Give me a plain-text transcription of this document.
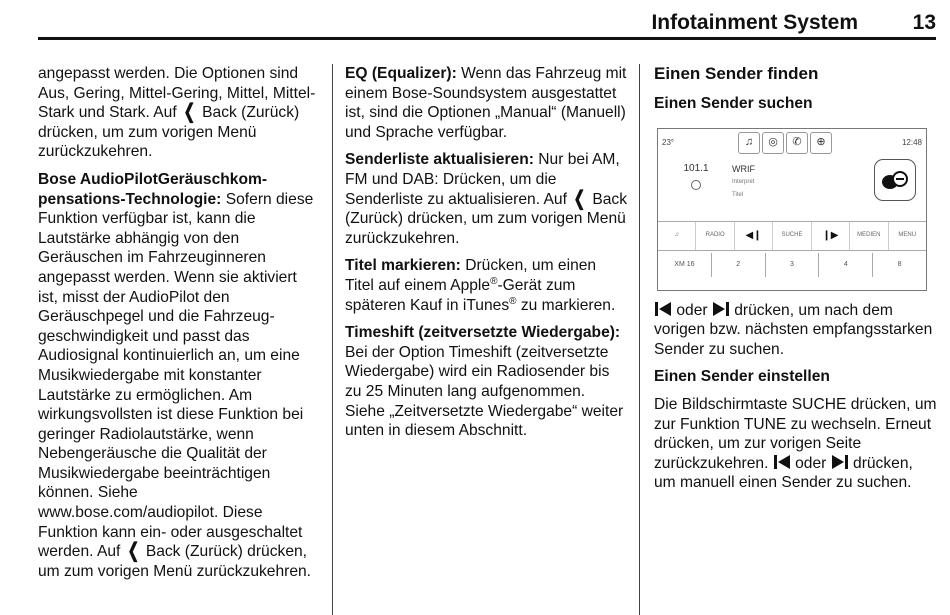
Infotainment System	13

angepasst werden. Die Optionen sind Aus, Gering, Mittel-Gering, Mittel, Mittel-Stark und Stark. Auf ❮ Back (Zurück) drücken, um zum vorigen Menü zurückzukehren.

Bose AudioPilotGeräuschkompensations-Technologie: Sofern diese Funktion verfügbar ist, kann die Lautstärke abhängig von den Geräuschen im Fahrzeuginneren angepasst werden. Wenn sie aktiviert ist, misst der AudioPilot den Geräuschpegel und die Fahrzeuggeschwindigkeit und passt das Audiosignal kontinuierlich an, um eine Musikwiedergabe mit konstanter Lautstärke zu ermöglichen. Am wirkungsvollsten ist diese Funktion bei geringer Radiolautstärke, wenn Nebengeräusche die Qualität der Musikwiedergabe beeinträchtigen können. Siehe www.bose.com/audiopilot. Diese Funktion kann ein- oder ausgeschaltet werden. Auf ❮ Back (Zurück) drücken, um zum vorigen Menü zurückzukehren.

EQ (Equalizer): Wenn das Fahrzeug mit einem Bose-Soundsystem ausgestattet ist, sind die Optionen „Manual“ (Manuell) und Sprache verfügbar.

Senderliste aktualisieren: Nur bei AM, FM und DAB: Drücken, um die Senderliste zu aktualisieren. Auf ❮ Back (Zurück) drücken, um zum vorigen Menü zurückzukehren.

Titel markieren: Drücken, um einen Titel auf einem Apple®-Gerät zum späteren Kauf in iTunes® zu markieren.

Timeshift (zeitversetzte Wiedergabe): Bei der Option Timeshift (zeitversetzte Wiedergabe) wird ein Radiosender bis zu 25 Minuten lang aufgenommen. Siehe „Zeitversetzte Wiedergabe“ weiter unten in diesem Abschnitt.

Einen Sender finden
Einen Sender suchen
23°	12:48
♫	◎	✆	⊕
101.1	WRIF
Interpret
Titel
♫	RADIO	◀❙	SUCHE	❙▶	MEDIEN	MENU
XM 16	2	3	4	8

oder drücken, um nach dem vorigen bzw. nächsten empfangsstarken Sender zu suchen.

Einen Sender einstellen

Die Bildschirmtaste SUCHE drücken, um zur Funktion TUNE zu wechseln. Erneut drücken, um zur vorigen Seite zurückzukehren. oder drücken, um manuell einen Sender zu suchen.
